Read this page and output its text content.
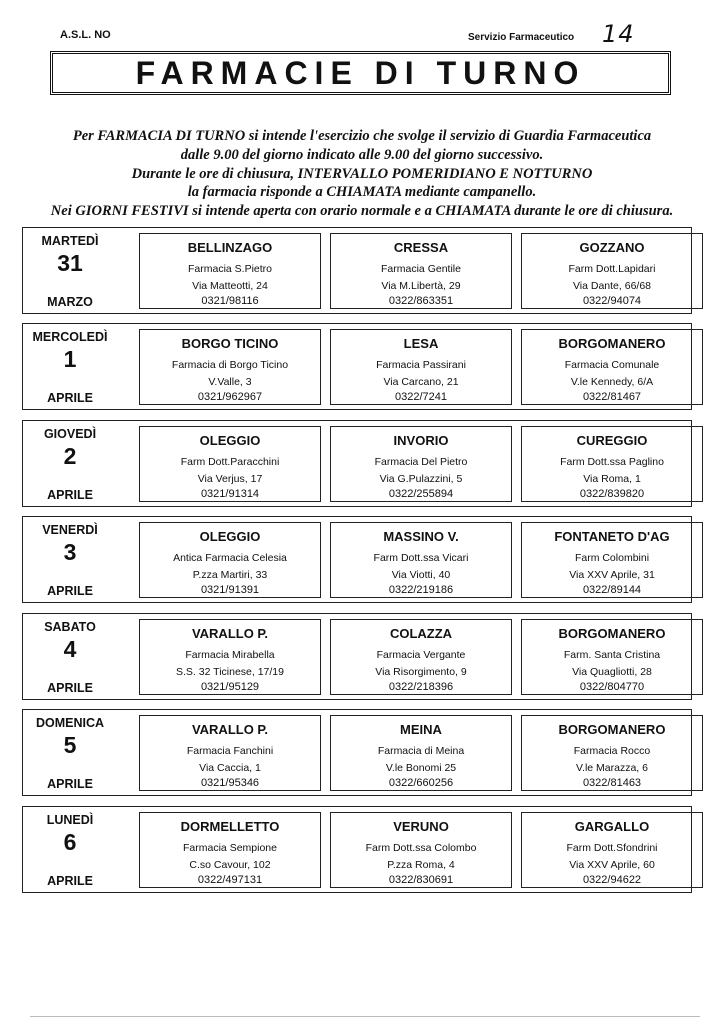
A.S.L. NO	Servizio Farmaceutico 14
FARMACIE DI TURNO
Per FARMACIA DI TURNO si intende l'esercizio che svolge il servizio di Guardia Farmaceutica
dalle 9.00 del giorno indicato alle 9.00 del giorno successivo.
Durante le ore di chiusura, INTERVALLO POMERIDIANO E NOTTURNO
la farmacia risponde a CHIAMATA mediante campanello.
Nei GIORNI FESTIVI si intende aperta con orario normale e a CHIAMATA durante le ore di chiusura.
MARTEDÌ
31
MARZO
BELLINZAGO
Farmacia S.Pietro
Via Matteotti, 24
0321/98116
CRESSA
Farmacia Gentile
Via M.Libertà, 29
0322/863351
GOZZANO
Farm Dott.Lapidari
Via Dante, 66/68
0322/94074
MERCOLEDÌ
1
APRILE
BORGO TICINO
Farmacia di Borgo Ticino
V.Valle, 3
0321/962967
LESA
Farmacia Passirani
Via Carcano, 21
0322/7241
BORGOMANERO
Farmacia Comunale
V.le Kennedy, 6/A
0322/81467
GIOVEDÌ
2
APRILE
OLEGGIO
Farm Dott.Paracchini
Via Verjus, 17
0321/91314
INVORIO
Farmacia Del Pietro
Via G.Pulazzini, 5
0322/255894
CUREGGIO
Farm Dott.ssa Paglino
Via Roma, 1
0322/839820
VENERDÌ
3
APRILE
OLEGGIO
Antica Farmacia Celesia
P.zza Martiri, 33
0321/91391
MASSINO V.
Farm Dott.ssa Vicari
Via Viotti, 40
0322/219186
FONTANETO D'AG
Farm Colombini
Via XXV Aprile, 31
0322/89144
SABATO
4
APRILE
VARALLO P.
Farmacia Mirabella
S.S. 32 Ticinese, 17/19
0321/95129
COLAZZA
Farmacia Vergante
Via Risorgimento, 9
0322/218396
BORGOMANERO
Farm. Santa Cristina
Via Quagliotti, 28
0322/804770
DOMENICA
5
APRILE
VARALLO P.
Farmacia Fanchini
Via Caccia, 1
0321/95346
MEINA
Farmacia di Meina
V.le Bonomi 25
0322/660256
BORGOMANERO
Farmacia Rocco
V.le Marazza, 6
0322/81463
LUNEDÌ
6
APRILE
DORMELLETTO
Farmacia Sempione
C.so Cavour, 102
0322/497131
VERUNO
Farm Dott.ssa Colombo
P.zza Roma, 4
0322/830691
GARGALLO
Farm Dott.Sfondrini
Via XXV Aprile, 60
0322/94622
